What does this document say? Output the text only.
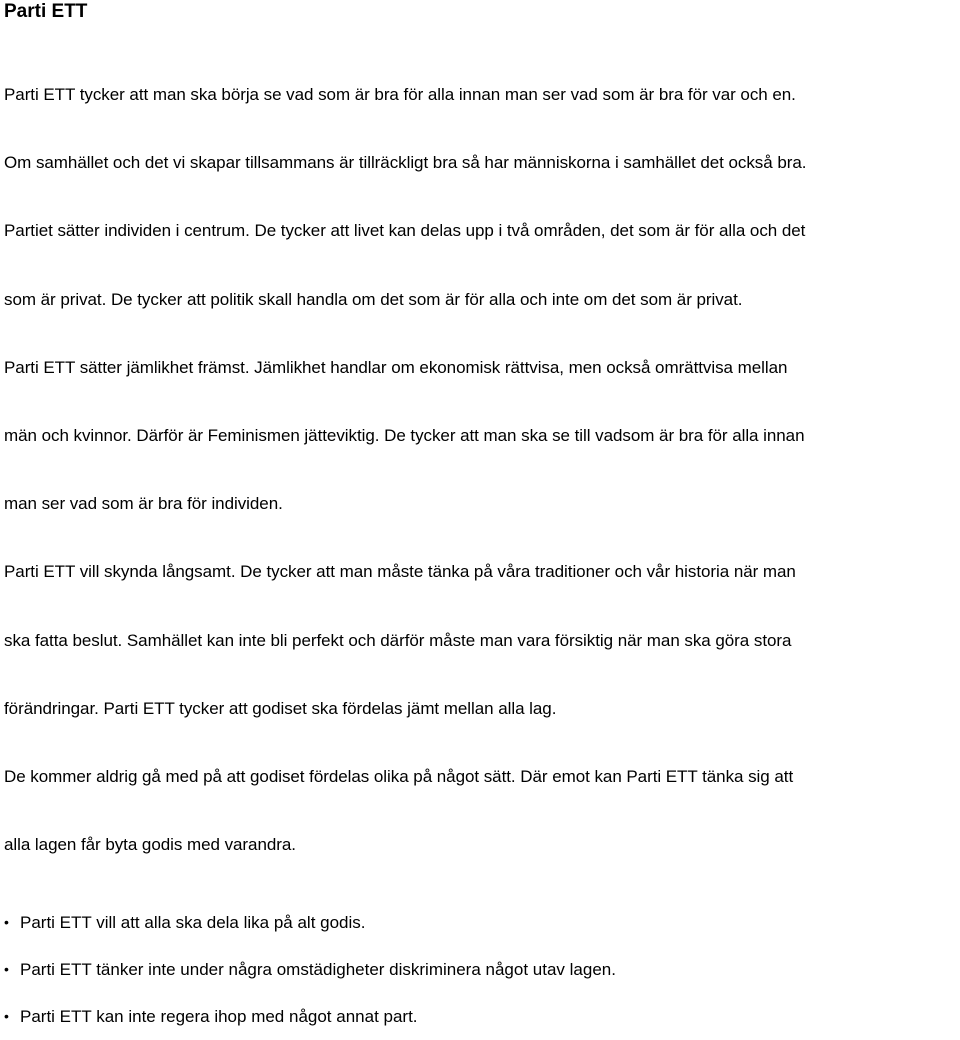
Parti ETT

Parti ETT tycker att man ska börja se vad som är bra för alla innan man ser vad som är bra för var och en.

Om samhället och det vi skapar tillsammans är tillräckligt bra så har människorna i samhället det också bra.

Partiet sätter individen i centrum. De tycker att livet kan delas upp i två områden, det som är för alla och det

som är privat. De tycker att politik skall handla om det som är för alla och inte om det som är privat.

Parti ETT sätter jämlikhet främst. Jämlikhet handlar om ekonomisk rättvisa, men också omrättvisa mellan

män och kvinnor. Därför är Feminismen jätteviktig. De tycker att man ska se till vadsom är bra för alla innan

man ser vad som är bra för individen.

Parti ETT vill skynda långsamt. De tycker att man måste tänka på våra traditioner och vår historia när man

ska fatta beslut. Samhället kan inte bli perfekt och därför måste man vara försiktig när man ska göra stora

förändringar. Parti ETT tycker att godiset ska fördelas jämt mellan alla lag.

De kommer aldrig gå med på att godiset fördelas olika på något sätt. Där emot kan Parti ETT tänka sig att

alla lagen får byta godis med varandra.

• Parti ETT vill att alla ska dela lika på alt godis.
• Parti ETT tänker inte under några omstädigheter diskriminera något utav lagen.
• Parti ETT kan inte regera ihop med något annat part.
